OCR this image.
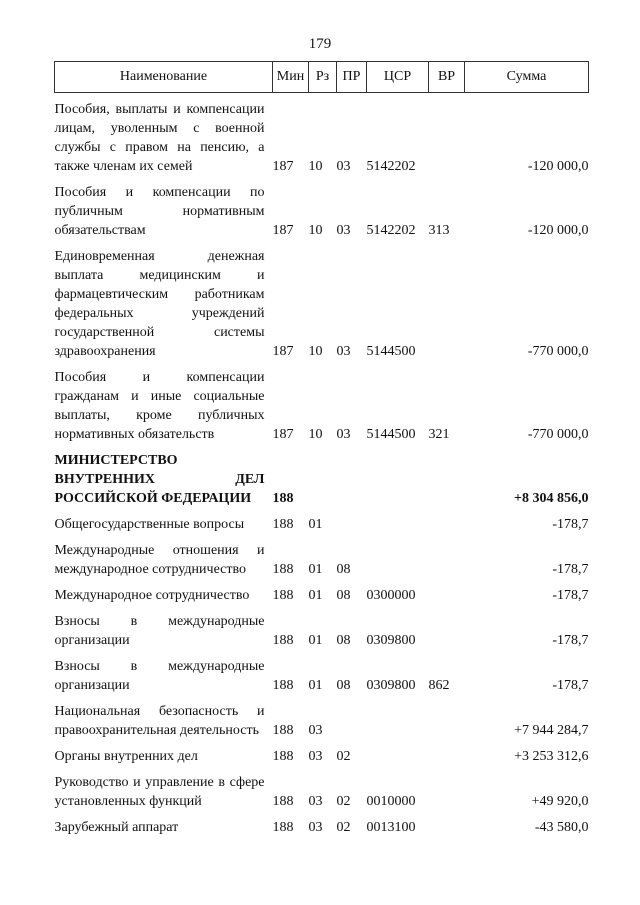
179
Наименование	Мин	Рз	ПР	ЦСР	ВР	Сумма
Пособия, выплаты и компенсации лицам, уволенным с военной службы с правом на пенсию, а также членам их семей	187	10	03	5142202		-120 000,0
Пособия и компенсации по публичным нормативным обязательствам	187	10	03	5142202	313	-120 000,0
Единовременная денежная выплата медицинским и фармацевтическим работникам федеральных учреждений государственной системы здравоохранения	187	10	03	5144500		-770 000,0
Пособия и компенсации гражданам и иные социальные выплаты, кроме публичных нормативных обязательств	187	10	03	5144500	321	-770 000,0
МИНИСТЕРСТВО ВНУТРЕННИХ ДЕЛ РОССИЙСКОЙ ФЕДЕРАЦИИ	188					+8 304 856,0
Общегосударственные вопросы	188	01				-178,7
Международные отношения и международное сотрудничество	188	01	08			-178,7
Международное сотрудничество	188	01	08	0300000		-178,7
Взносы в международные организации	188	01	08	0309800		-178,7
Взносы в международные организации	188	01	08	0309800	862	-178,7
Национальная безопасность и правоохранительная деятельность	188	03				+7 944 284,7
Органы внутренних дел	188	03	02			+3 253 312,6
Руководство и управление в сфере установленных функций	188	03	02	0010000		+49 920,0
Зарубежный аппарат	188	03	02	0013100		-43 580,0
